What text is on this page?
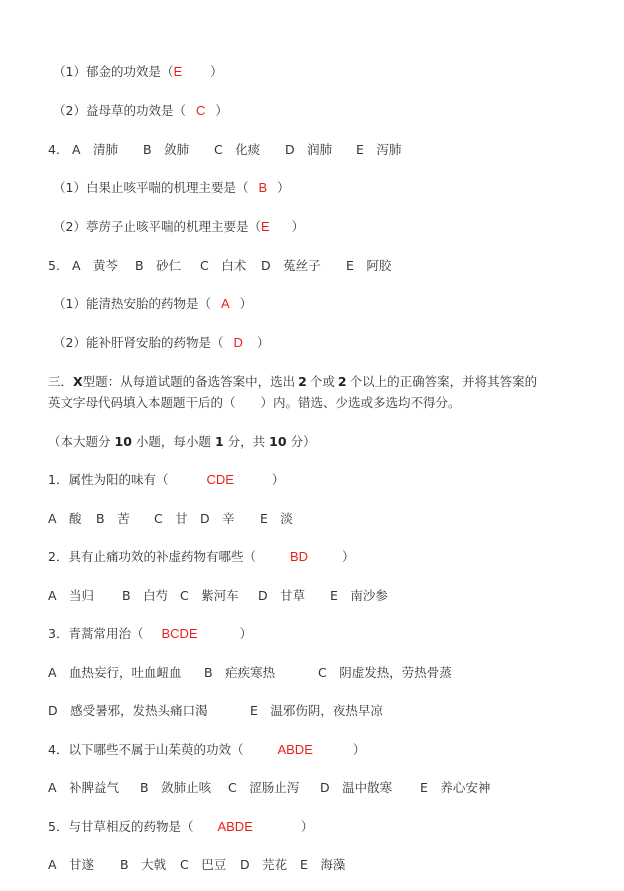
（1）郁金的功效是（E ）
（2）益母草的功效是（ C ）
4. A　清肺 B　敛肺 C　化痰 D　润肺 E　泻肺
（1）白果止咳平喘的机理主要是（ B ）
（2）葶苈子止咳平喘的机理主要是（E ）
5. A　黄芩 B　砂仁 C　白术 D　菟丝子 E　阿胶
（1）能清热安胎的药物是（ A ）
（2）能补肝肾安胎的药物是（ D ）
三．X型题：从每道试题的备选答案中，选出 2 个或 2 个以上的正确答案，并将其答案的
英文字母代码填入本题题干后的（　　）内。错选、少选或多选均不得分。
（本大题分 10 小题，每小题 1 分，共 10 分）
1．属性为阳的味有（	CDE	）
A　酸 B　苦 C　甘 D　辛 E　淡
2．具有止痛功效的补虚药物有哪些（	BD	）
A　当归 B　白芍 C　紫河车 D　甘草 E　南沙参
3．青蒿常用治（ BCDE	）
A　血热妄行，吐血衄血 B　疟疾寒热	C　阴虚发热，劳热骨蒸
D　感受暑邪，发热头痛口渴	E　温邪伤阴，夜热早凉
4．以下哪些不属于山茱萸的功效（	ABDE	）
A　补脾益气 B　敛肺止咳 C　涩肠止泻 D　温中散寒 E　养心安神
5．与甘草相反的药物是（ ABDE	）
A　甘遂 B　大戟 C　巴豆 D　芫花 E　海藻
